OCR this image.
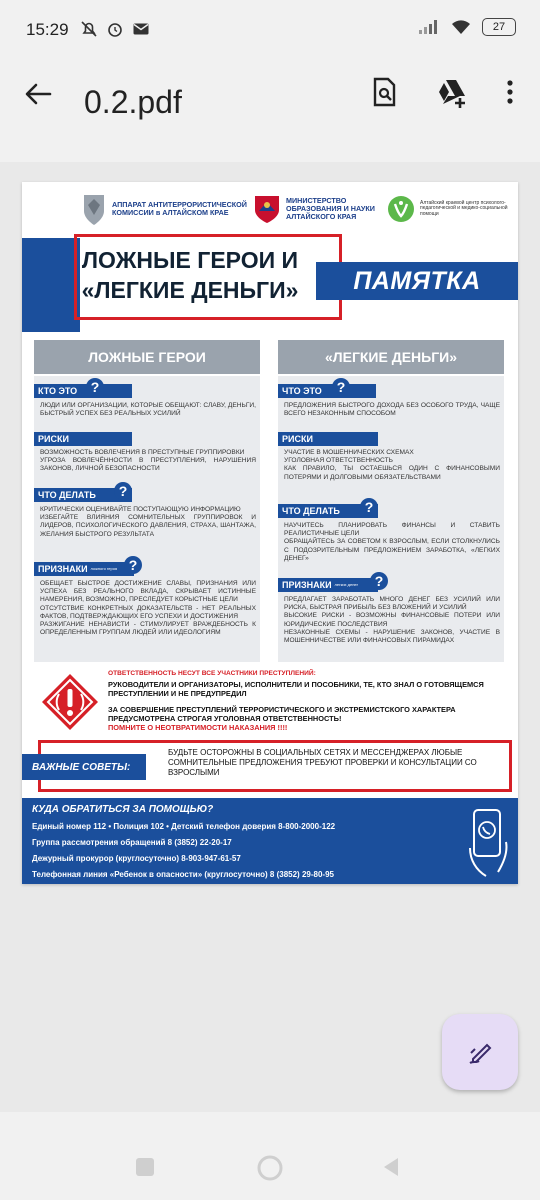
15:29	27
0.2.pdf
АППАРАТ АНТИТЕРРОРИСТИЧЕСКОЙ КОМИССИИ в АЛТАЙСКОМ КРАЕ
МИНИСТЕРСТВО ОБРАЗОВАНИЯ И НАУКИ АЛТАЙСКОГО КРАЯ
Алтайский краевой центр психолого-педагогической и медико-социальной помощи
ЛОЖНЫЕ ГЕРОИ И
«ЛЕГКИЕ ДЕНЬГИ»	ПАМЯТКА
ЛОЖНЫЕ ГЕРОИ
КТО ЭТО ?
ЛЮДИ ИЛИ ОРГАНИЗАЦИИ, КОТОРЫЕ ОБЕЩАЮТ: СЛАВУ, ДЕНЬГИ, БЫСТРЫЙ УСПЕХ БЕЗ РЕАЛЬНЫХ УСИЛИЙ
РИСКИ
ВОЗМОЖНОСТЬ ВОВЛЕЧЕНИЯ В ПРЕСТУПНЫЕ ГРУППИРОВКИ
УГРОЗА ВОВЛЕЧЁННОСТИ В ПРЕСТУПЛЕНИЯ, НАРУШЕНИЯ ЗАКОНОВ, ЛИЧНОЙ БЕЗОПАСНОСТИ
ЧТО ДЕЛАТЬ	?
КРИТИЧЕСКИ ОЦЕНИВАЙТЕ ПОСТУПАЮЩУЮ ИНФОРМАЦИЮ
ИЗБЕГАЙТЕ ВЛИЯНИЯ СОМНИТЕЛЬНЫХ ГРУППИРОВОК И ЛИДЕРОВ, ПСИХОЛОГИЧЕСКОГО ДАВЛЕНИЯ, СТРАХА, ШАНТАЖА, ЖЕЛАНИЯ БЫСТРОГО РЕЗУЛЬТАТА
ПРИЗНАКИ ложного героя ?
ОБЕЩАЕТ БЫСТРОЕ ДОСТИЖЕНИЕ СЛАВЫ, ПРИЗНАНИЯ ИЛИ УСПЕХА БЕЗ РЕАЛЬНОГО ВКЛАДА, СКРЫВАЕТ ИСТИННЫЕ НАМЕРЕНИЯ, ВОЗМОЖНО, ПРЕСЛЕДУЕТ КОРЫСТНЫЕ ЦЕЛИ
ОТСУТСТВИЕ КОНКРЕТНЫХ ДОКАЗАТЕЛЬСТВ - НЕТ РЕАЛЬНЫХ ФАКТОВ, ПОДТВЕРЖДАЮЩИХ ЕГО УСПЕХИ И ДОСТИЖЕНИЯ
РАЗЖИГАНИЕ НЕНАВИСТИ - СТИМУЛИРУЕТ ВРАЖДЕБНОСТЬ К ОПРЕДЕЛЕННЫМ ГРУППАМ ЛЮДЕЙ ИЛИ ИДЕОЛОГИЯМ
«ЛЕГКИЕ ДЕНЬГИ»
ЧТО ЭТО	?
ПРЕДЛОЖЕНИЯ БЫСТРОГО ДОХОДА БЕЗ ОСОБОГО ТРУДА, ЧАЩЕ ВСЕГО НЕЗАКОННЫМ СПОСОБОМ
РИСКИ
УЧАСТИЕ В МОШЕННИЧЕСКИХ СХЕМАХ
УГОЛОВНАЯ ОТВЕТСТВЕННОСТЬ
КАК ПРАВИЛО, ТЫ ОСТАЕШЬСЯ ОДИН С ФИНАНСОВЫМИ ПОТЕРЯМИ И ДОЛГОВЫМИ ОБЯЗАТЕЛЬСТВАМИ
ЧТО ДЕЛАТЬ	?
НАУЧИТЕСЬ ПЛАНИРОВАТЬ ФИНАНСЫ И СТАВИТЬ РЕАЛИСТИЧНЫЕ ЦЕЛИ
ОБРАЩАЙТЕСЬ ЗА СОВЕТОМ К ВЗРОСЛЫМ, ЕСЛИ СТОЛКНУЛИСЬ С ПОДОЗРИТЕЛЬНЫМ ПРЕДЛОЖЕНИЕМ ЗАРАБОТКА, «ЛЕГКИХ ДЕНЕГ»
ПРИЗНАКИ легких денег	?
ПРЕДЛАГАЕТ ЗАРАБОТАТЬ МНОГО ДЕНЕГ БЕЗ УСИЛИЙ ИЛИ РИСКА, БЫСТРАЯ ПРИБЫЛЬ БЕЗ ВЛОЖЕНИЙ И УСИЛИЙ
ВЫСОКИЕ РИСКИ - ВОЗМОЖНЫ ФИНАНСОВЫЕ ПОТЕРИ ИЛИ ЮРИДИЧЕСКИЕ ПОСЛЕДСТВИЯ
НЕЗАКОННЫЕ СХЕМЫ - НАРУШЕНИЕ ЗАКОНОВ, УЧАСТИЕ В МОШЕННИЧЕСТВЕ ИЛИ ФИНАНСОВЫХ ПИРАМИДАХ
ОТВЕТСТВЕННОСТЬ НЕСУТ ВСЕ УЧАСТНИКИ ПРЕСТУПЛЕНИЙ:
РУКОВОДИТЕЛИ И ОРГАНИЗАТОРЫ, ИСПОЛНИТЕЛИ И ПОСОБНИКИ, ТЕ, КТО ЗНАЛ О ГОТОВЯЩЕМСЯ ПРЕСТУПЛЕНИИ И НЕ ПРЕДУПРЕДИЛ
ЗА СОВЕРШЕНИЕ ПРЕСТУПЛЕНИЙ ТЕРРОРИСТИЧЕСКОГО И ЭКСТРЕМИСТСКОГО ХАРАКТЕРА ПРЕДУСМОТРЕНА СТРОГАЯ УГОЛОВНАЯ ОТВЕТСТВЕННОСТЬ!
ПОМНИТЕ О НЕОТВРАТИМОСТИ НАКАЗАНИЯ !!!!
ВАЖНЫЕ СОВЕТЫ:
БУДЬТЕ ОСТОРОЖНЫ В СОЦИАЛЬНЫХ СЕТЯХ И МЕССЕНДЖЕРАХ ЛЮБЫЕ СОМНИТЕЛЬНЫЕ ПРЕДЛОЖЕНИЯ ТРЕБУЮТ ПРОВЕРКИ И КОНСУЛЬТАЦИИ СО ВЗРОСЛЫМИ
КУДА ОБРАТИТЬСЯ ЗА ПОМОЩЬЮ?
Единый номер 112 • Полиция 102 • Детский телефон доверия 8-800-2000-122
Группа рассмотрения обращений 8 (3852) 22-20-17
Дежурный прокурор (круглосуточно) 8-903-947-61-57
Телефонная линия «Ребенок в опасности» (круглосуточно) 8 (3852) 29-80-95
